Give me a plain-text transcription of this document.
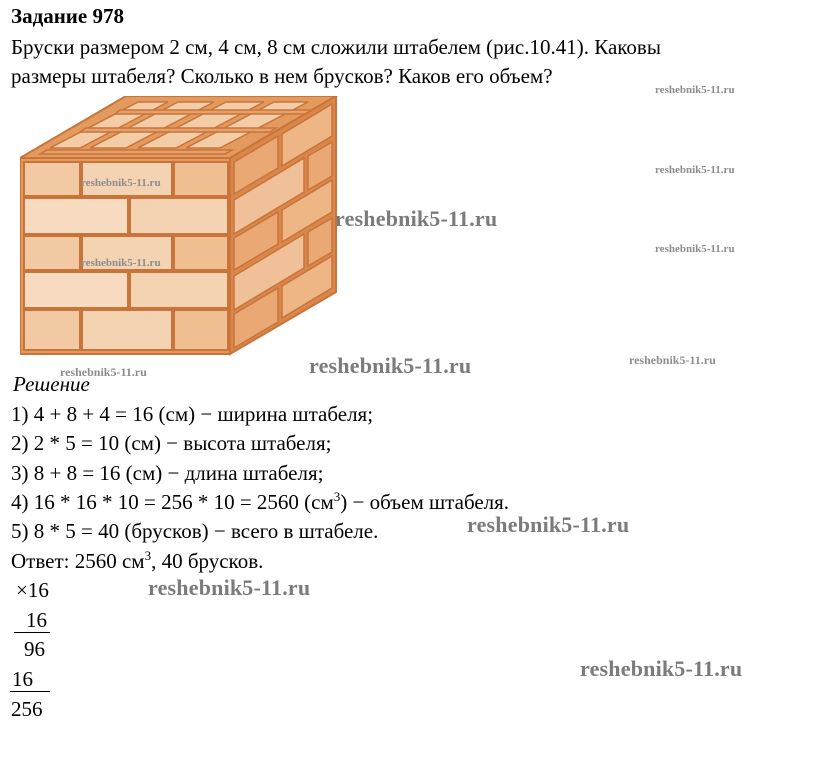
Задание 978
Бруски размером 2 см, 4 см, 8 см сложили штабелем (рис.10.41). Каковы
размеры штабеля? Сколько в нем брусков? Каков его объем?
reshebnik5-11.ru
reshebnik5-11.ru
reshebnik5-11.ru
reshebnik5-11.ru
reshebnik5-11.ru
reshebnik5-11.ru
reshebnik5-11.ru	reshebnik5-11.ru	reshebnik5-11.ru
reshebnik5-11.ru
reshebnik5-11.ru
reshebnik5-11.ru
Решение
1) 4 + 8 + 4 = 16 (см) − ширина штабеля;
2) 2 * 5 = 10 (см) − высота штабеля;
3) 8 + 8 = 16 (см) − длина штабеля;
4) 16 * 16 * 10 = 256 * 10 = 2560 $(см^3)$ − объем штабеля.
5) 8 * 5 = 40 (брусков) − всего в штабеле.
Ответ: 2560 $см^3$, 40 брусков.
×16
16
96
16
256
